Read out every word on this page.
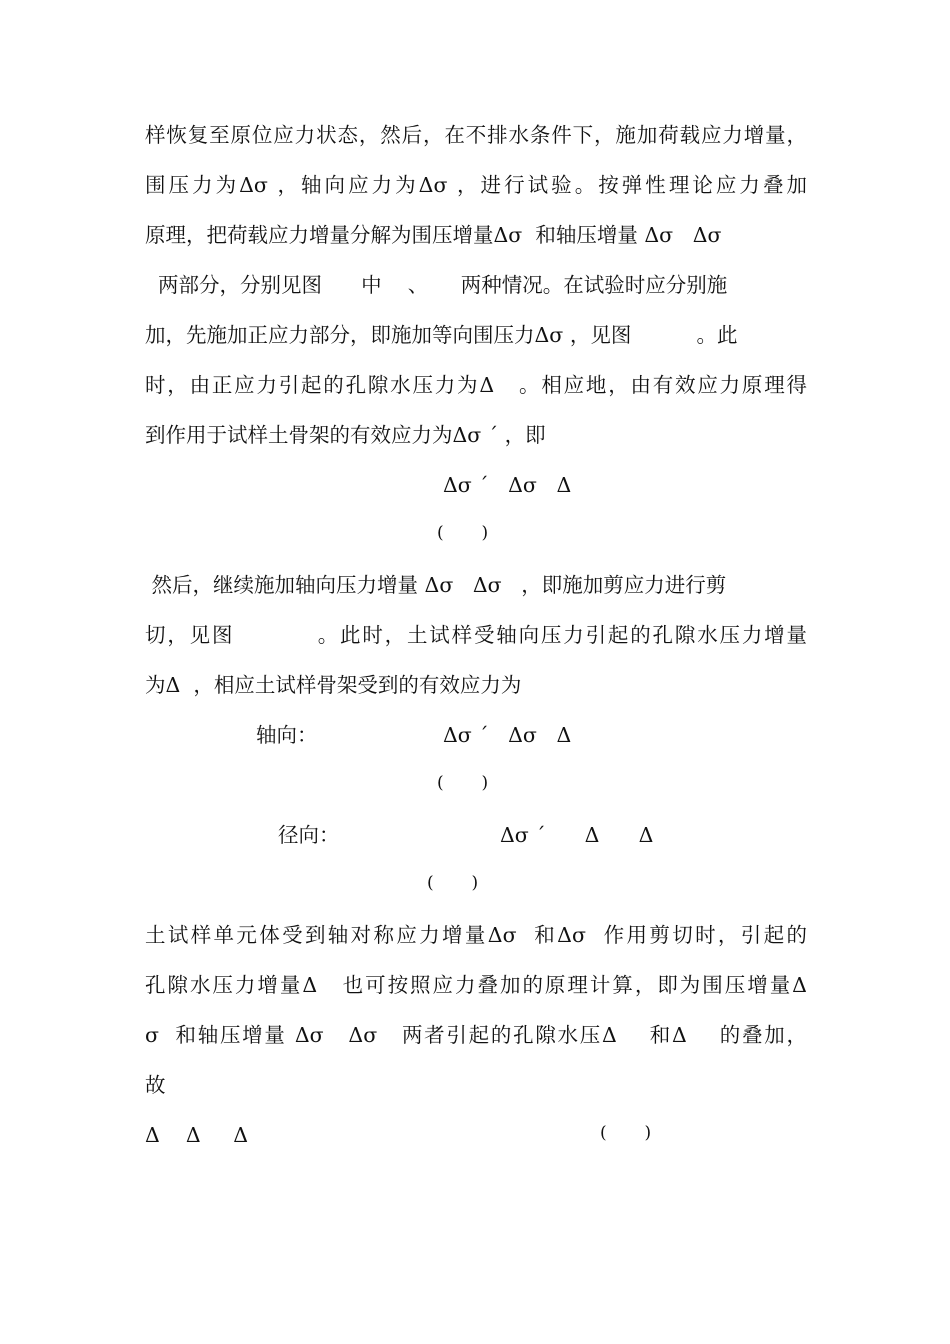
样恢复至原位应力状态，然后，在不排水条件下，施加荷载应力增量，
围压力为Δσ ，轴向应力为Δσ ，进行试验。按弹性理论应力叠加
原理，把荷载应力增量分解为围压增量Δσ  和轴压增量 Δσ   Δσ
两部分，分别见图      中    、     两种情况。在试验时应分别施
加，先施加正应力部分，即施加等向围压力Δσ ，见图          。此
时，由正应力引起的孔隙水压力为Δ   。相应地，由有效应力原理得
到作用于试样土骨架的有效应力为Δσ ˊ ，即
Δσ ˊ   Δσ   Δ
(       )
然后，继续施加轴向压力增量 Δσ   Δσ   ，即施加剪应力进行剪
切，见图          。此时，土试样受轴向压力引起的孔隙水压力增量
为Δ  ，相应土试样骨架受到的有效应力为
轴向：	Δσ ˊ   Δσ   Δ
(       )
径向：	Δσ ˊ      Δ      Δ
(       )
土试样单元体受到轴对称应力增量Δσ  和Δσ  作用剪切时，引起的
孔隙水压力增量Δ   也可按照应力叠加的原理计算，即为围压增量Δ
σ  和轴压增量 Δσ   Δσ   两者引起的孔隙水压Δ    和Δ    的叠加，
故
Δ    Δ     Δ	(       )
